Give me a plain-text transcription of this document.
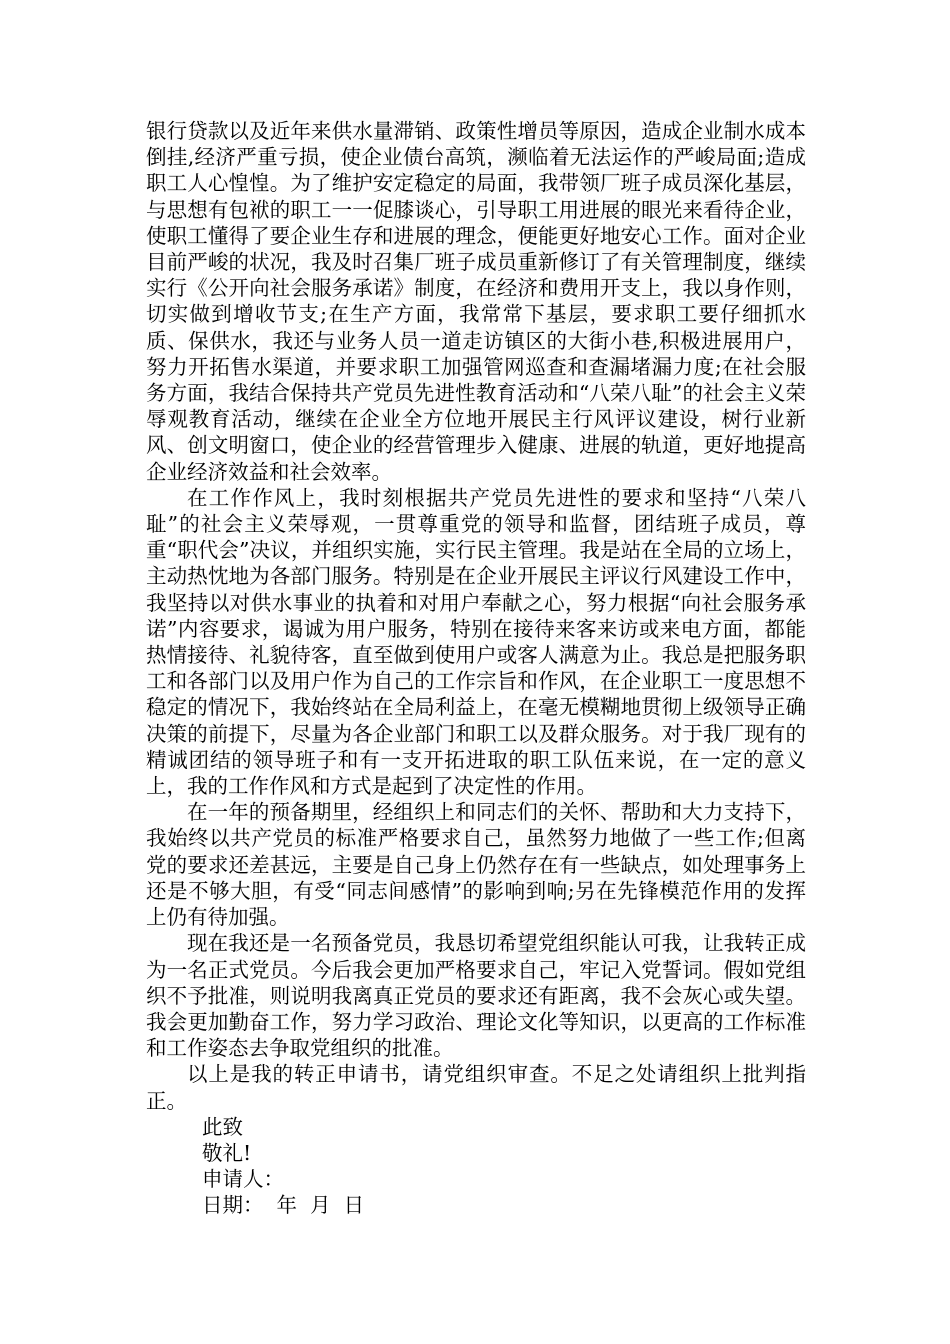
银行贷款以及近年来供水量滞销、政策性增员等原因，造成企业制水成本倒挂,经济严重亏损，使企业债台高筑，濒临着无法运作的严峻局面;造成职工人心惶惶。为了维护安定稳定的局面，我带领厂班子成员深化基层，与思想有包袱的职工一一促膝谈心，引导职工用进展的眼光来看待企业，使职工懂得了要企业生存和进展的理念，便能更好地安心工作。面对企业目前严峻的状况，我及时召集厂班子成员重新修订了有关管理制度，继续实行《公开向社会服务承诺》制度，在经济和费用开支上，我以身作则，切实做到增收节支;在生产方面，我常常下基层，要求职工要仔细抓水质、保供水，我还与业务人员一道走访镇区的大街小巷,积极进展用户，努力开拓售水渠道，并要求职工加强管网巡查和查漏堵漏力度;在社会服务方面，我结合保持共产党员先进性教育活动和“八荣八耻”的社会主义荣辱观教育活动，继续在企业全方位地开展民主行风评议建设，树行业新风、创文明窗口，使企业的经营管理步入健康、进展的轨道，更好地提高企业经济效益和社会效率。

在工作作风上，我时刻根据共产党员先进性的要求和坚持“八荣八耻”的社会主义荣辱观，一贯尊重党的领导和监督，团结班子成员，尊重“职代会”决议，并组织实施，实行民主管理。我是站在全局的立场上，主动热忱地为各部门服务。特别是在企业开展民主评议行风建设工作中，我坚持以对供水事业的执着和对用户奉献之心，努力根据“向社会服务承诺”内容要求，谒诚为用户服务，特别在接待来客来访或来电方面，都能热情接待、礼貌待客，直至做到使用户或客人满意为止。我总是把服务职工和各部门以及用户作为自己的工作宗旨和作风，在企业职工一度思想不稳定的情况下，我始终站在全局利益上，在毫无模糊地贯彻上级领导正确决策的前提下，尽量为各企业部门和职工以及群众服务。对于我厂现有的精诚团结的领导班子和有一支开拓进取的职工队伍来说，在一定的意义上，我的工作作风和方式是起到了决定性的作用。

在一年的预备期里，经组织上和同志们的关怀、帮助和大力支持下，我始终以共产党员的标准严格要求自己，虽然努力地做了一些工作;但离党的要求还差甚远，主要是自己身上仍然存在有一些缺点，如处理事务上还是不够大胆，有受“同志间感情”的影响到响;另在先锋模范作用的发挥上仍有待加强。

现在我还是一名预备党员，我恳切希望党组织能认可我，让我转正成为一名正式党员。今后我会更加严格要求自己，牢记入党誓词。假如党组织不予批准，则说明我离真正党员的要求还有距离，我不会灰心或失望。我会更加勤奋工作，努力学习政治、理论文化等知识，以更高的工作标准和工作姿态去争取党组织的批准。

以上是我的转正申请书，请党组织审查。不足之处请组织上批判指正。

此致

敬礼!

申请人：

日期：  年  月  日
